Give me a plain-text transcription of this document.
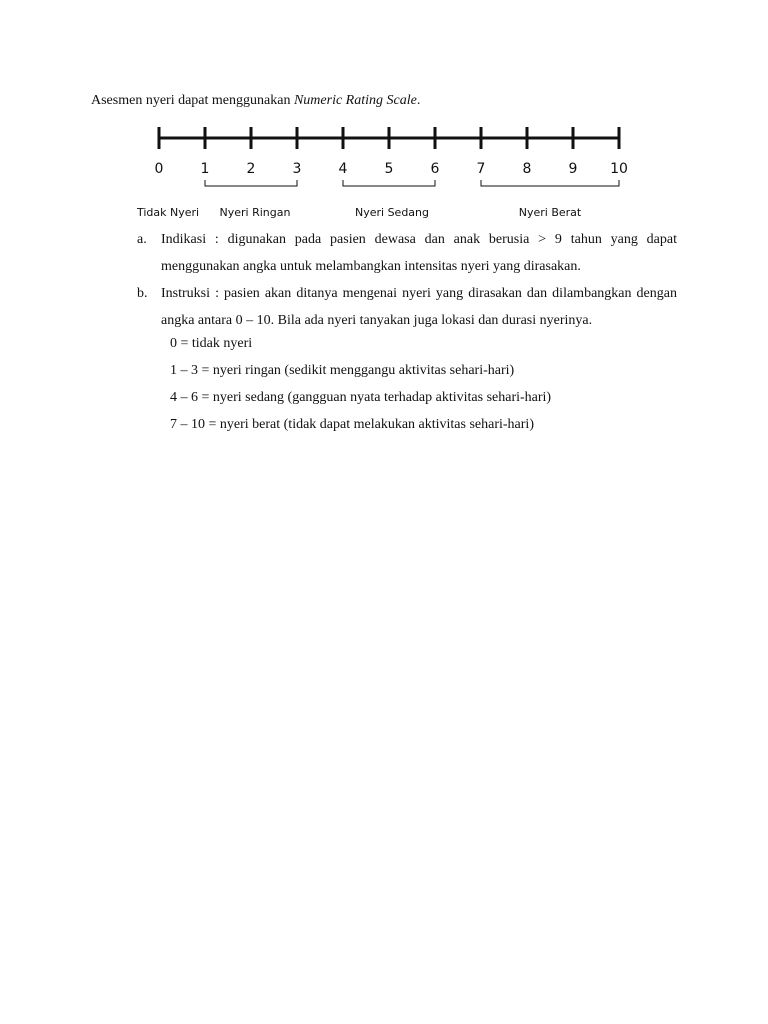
Asesmen nyeri dapat menggunakan Numeric Rating Scale.
0	1	2	3	4	5	6	7	8	9 10
Tidak Nyeri Nyeri Ringan	Nyeri Sedang	Nyeri Berat
a. Indikasi : digunakan pada pasien dewasa dan anak berusia > 9 tahun yang dapat menggunakan angka untuk melambangkan intensitas nyeri yang dirasakan.

b. Instruksi : pasien akan ditanya mengenai nyeri yang dirasakan dan dilambangkan dengan angka antara 0 – 10. Bila ada nyeri tanyakan juga lokasi dan durasi nyerinya.

0 = tidak nyeri
1 – 3 = nyeri ringan (sedikit menggangu aktivitas sehari-hari)
4 – 6 = nyeri sedang (gangguan nyata terhadap aktivitas sehari-hari)
7 – 10 = nyeri berat (tidak dapat melakukan aktivitas sehari-hari)
